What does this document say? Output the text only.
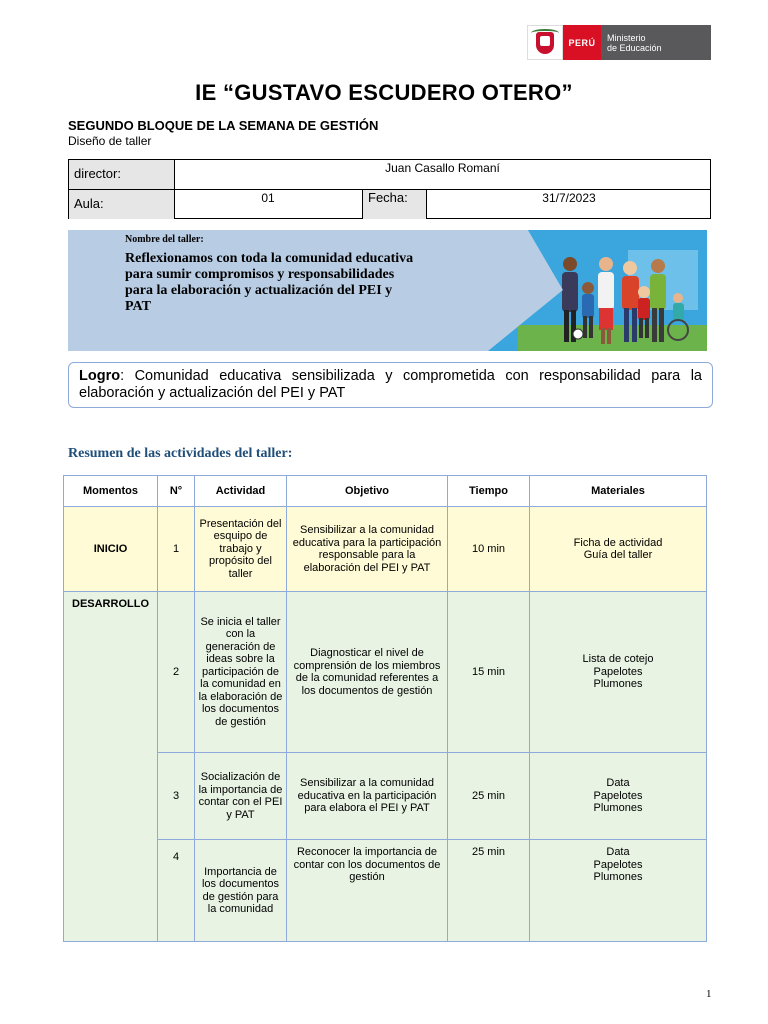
PERÚ	Ministerio
de Educación
IE “GUSTAVO ESCUDERO OTERO”
SEGUNDO BLOQUE DE LA SEMANA DE GESTIÓN
Diseño de taller
director:	Juan Casallo Romaní
Aula:	01	Fecha:	31/7/2023
Nombre del taller:
Reflexionamos con toda la comunidad educativa para sumir compromisos y responsabilidades para la elaboración y actualización del PEI y PAT
Logro: Comunidad educativa sensibilizada y comprometida con responsabilidad para la elaboración y actualización del PEI y PAT
Resumen de las actividades del taller:
Momentos	N°	Actividad	Objetivo	Tiempo	Materiales
INICIO	1	Presentación del esquipo de trabajo y propósito del taller	Sensibilizar a la comunidad educativa para la participación responsable para la elaboración del PEI y PAT	10 min	Ficha de actividad
Guía del taller

DESARROLLO	2	Se inicia el taller con la generación de ideas sobre la participación de la comunidad en la elaboración de los documentos de gestión	Diagnosticar el nivel de comprensión de los miembros de la comunidad referentes a los documentos de gestión	15 min	Lista de cotejo
Papelotes
Plumones

	3	Socialización de la importancia de contar con el PEI y PAT	Sensibilizar a la comunidad educativa en la participación para elabora el PEI y PAT	25 min	Data
Papelotes
Plumones

	4	Importancia de los documentos de gestión para la comunidad	Reconocer la importancia de contar con los documentos de gestión	25 min	Data
Papelotes
Plumones
1
